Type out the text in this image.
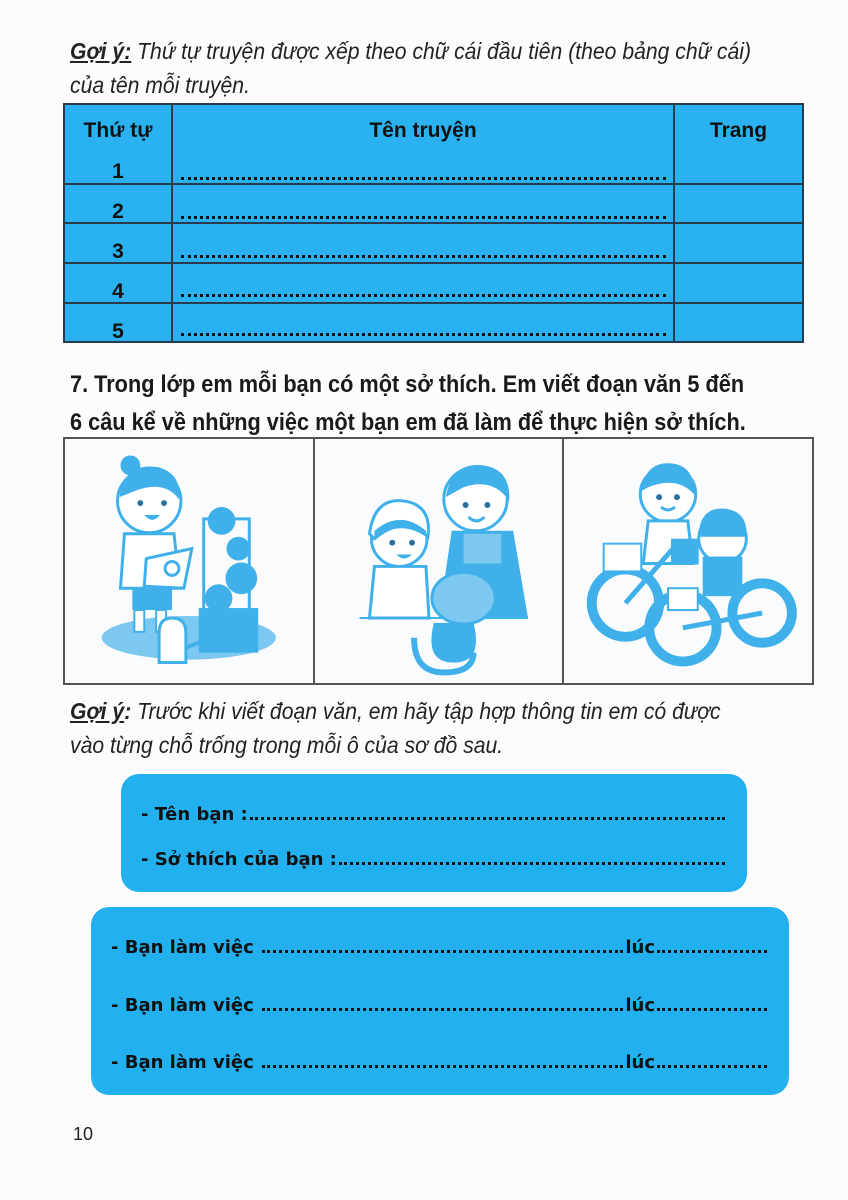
Gợi ý: Thứ tự truyện được xếp theo chữ cái đầu tiên (theo bảng chữ cái)
của tên mỗi truyện.
Thứ tự	Tên truyện	Trang
1
2
3
4
5
7. Trong lớp em mỗi bạn có một sở thích. Em viết đoạn văn 5 đến
6 câu kể về những việc một bạn em đã làm để thực hiện sở thích.
Gợi ý: Trước khi viết đoạn văn, em hãy tập hợp thông tin em có được
vào từng chỗ trống trong mỗi ô của sơ đồ sau.
- Tên bạn :
- Sở thích của bạn :
- Bạn làm việc	lúc
- Bạn làm việc	lúc
- Bạn làm việc	lúc
10
